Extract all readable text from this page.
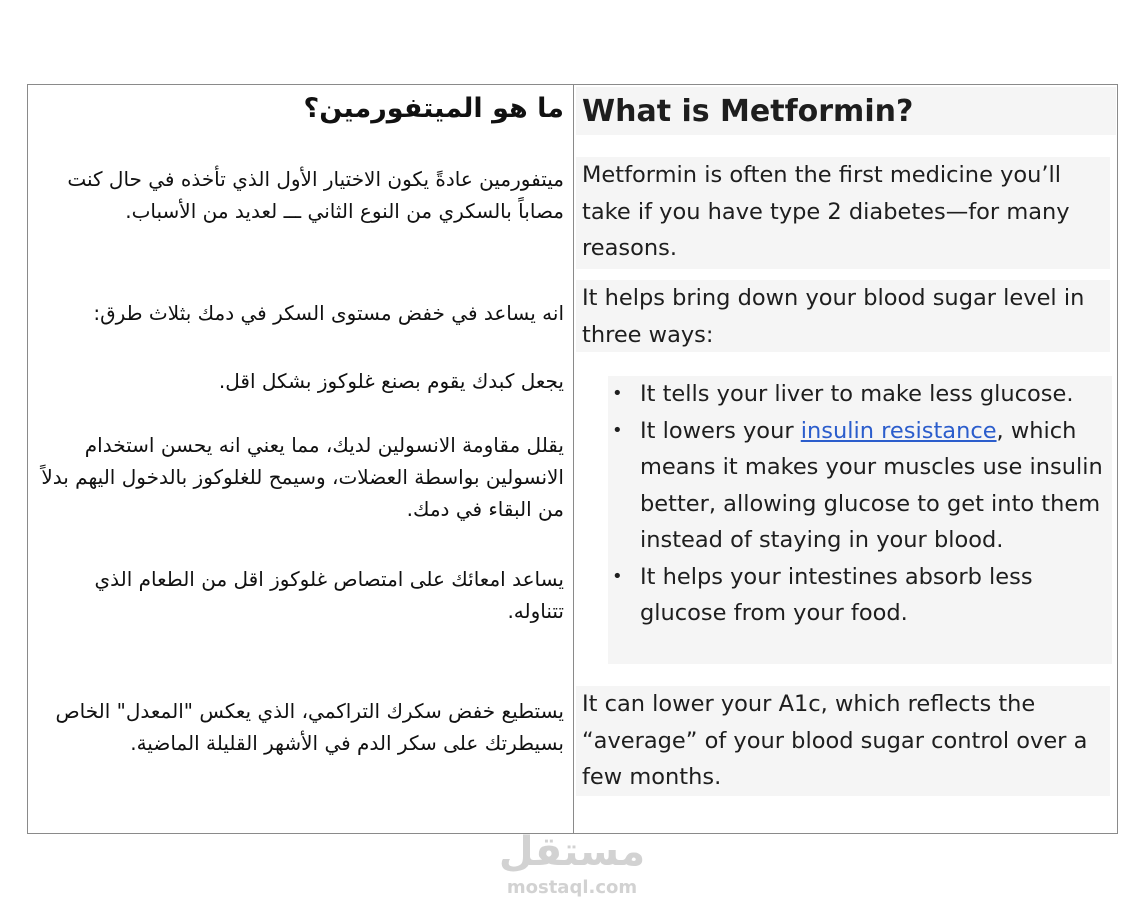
ما هو الميتفورمين؟
ميتفورمين عادةً يكون الاختيار الأول الذي تأخذه في حال كنت مصاباً بالسكري من النوع الثاني ـــ لعديد من الأسباب.
انه يساعد في خفض مستوى السكر في دمك بثلاث طرق:
يجعل كبدك يقوم بصنع غلوكوز بشكل اقل.
يقلل مقاومة الانسولين لديك، مما يعني انه يحسن استخدام الانسولين بواسطة العضلات، وسيمح للغلوكوز بالدخول اليهم بدلاً من البقاء في دمك.
يساعد امعائك على امتصاص غلوكوز اقل من الطعام الذي تتناوله.
يستطيع خفض سكرك التراكمي، الذي يعكس "المعدل" الخاص بسيطرتك على سكر الدم في الأشهر القليلة الماضية.
What is Metformin?
Metformin is often the first medicine you’ll take if you have type 2 diabetes—for many reasons.
It helps bring down your blood sugar level in three ways:
• It tells your liver to make less glucose.
• It lowers your insulin resistance, which means it makes your muscles use insulin better, allowing glucose to get into them instead of staying in your blood.
• It helps your intestines absorb less glucose from your food.
It can lower your A1c, which reflects the “average” of your blood sugar control over a few months.
مستقل
mostaql.com
